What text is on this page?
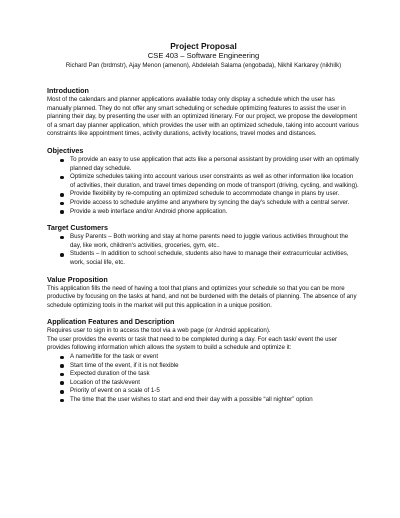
Project Proposal
CSE 403 – Software Engineering
Richard Pan (brdmstr), Ajay Menon (amenon), Abdelelah Salama (engobada), Nikhil Karkarey (nikhilk)
Introduction

Most of the calendars and planner applications available today only display a schedule which the user has manually planned. They do not offer any smart scheduling or schedule optimizing features to assist the user in planning their day, by presenting the user with an optimized itinerary. For our project, we propose the development of a smart day planner application, which provides the user with an optimized schedule, taking into account various constraints like appointment times, activity durations, activity locations, travel modes and distances.

Objectives
To provide an easy to use application that acts like a personal assistant by providing user with an optimally planned day schedule.
Optimize schedules taking into account various user constraints as well as other information like location of activities, their duration, and travel times depending on mode of transport (driving, cycling, and walking).
Provide flexibility by re-computing an optimized schedule to accommodate change in plans by user.
Provide access to schedule anytime and anywhere by syncing the day's schedule with a central server.
Provide a web interface and/or Android phone application.
Target Customers
Busy Parents – Both working and stay at home parents need to juggle various activities throughout the day, like work, children's activities, groceries, gym, etc..
Students – In addition to school schedule, students also have to manage their extracurricular activities, work, social life, etc.
Value Proposition

This application fills the need of having a tool that plans and optimizes your schedule so that you can be more productive by focusing on the tasks at hand, and not be burdened with the details of planning. The absence of any schedule optimizing tools in the market will put this application in a unique position.

Application Features and Description

Requires user to sign in to access the tool via a web page (or Android application).

The user provides the events or task that need to be completed during a day. For each task/ event the user provides following information which allows the system to build a schedule and optimize it:

A name/title for the task or event
Start time of the event, if it is not flexible
Expected duration of the task
Location of the task/event
Priority of event on a scale of 1-5
The time that the user wishes to start and end their day with a possible “all nighter” option
